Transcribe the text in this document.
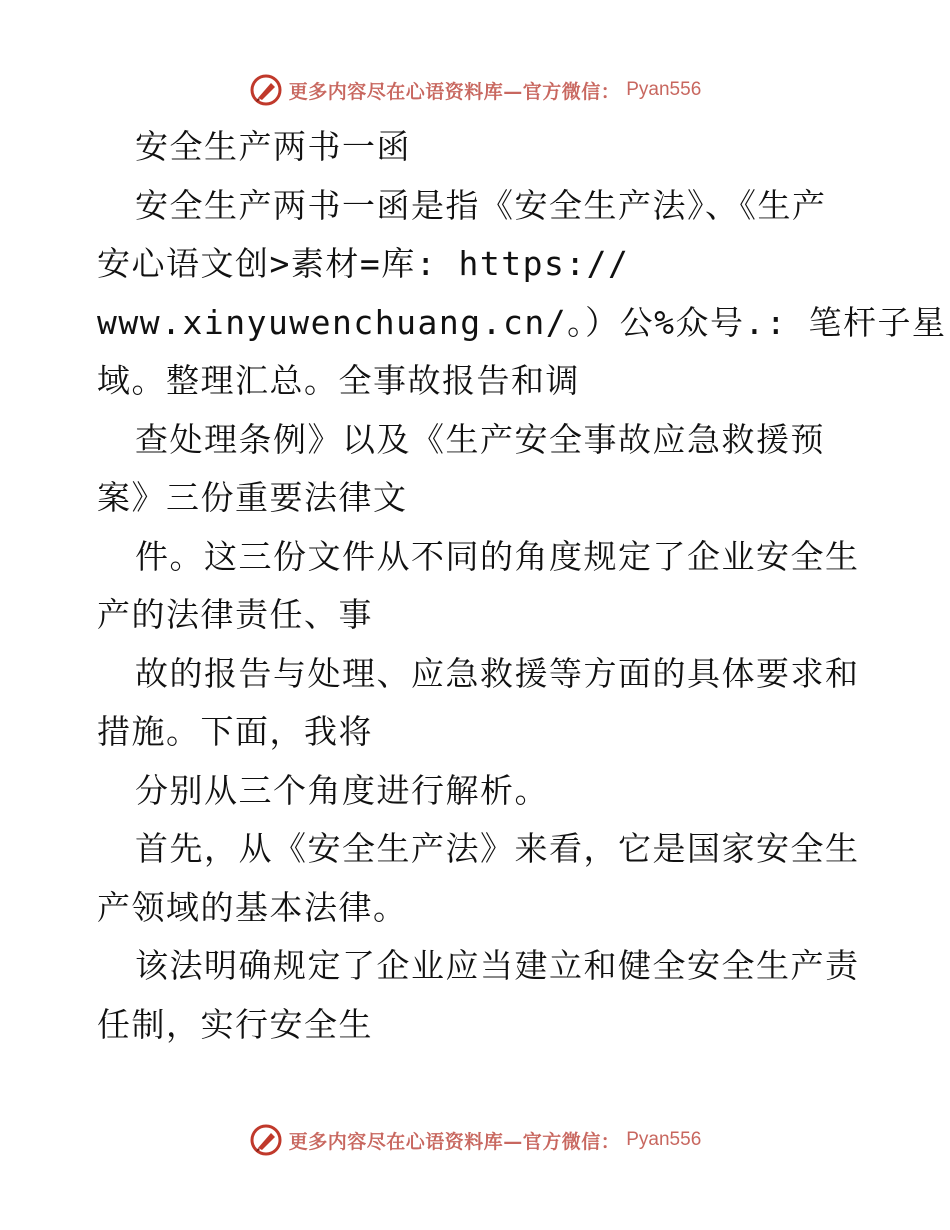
更多内容尽在心语资料库—官方微信： Pyan556
安全生产两书一函
安全生产两书一函是指《安全生产法》、《生产
安心语文创>素材=库: https://
www.xinyuwenchuang.cn/。）公%众号.: 笔杆子星
域。整理汇总。全事故报告和调
查处理条例》以及《生产安全事故应急救援预
案》三份重要法律文
件。这三份文件从不同的角度规定了企业安全生
产的法律责任、事
故的报告与处理、应急救援等方面的具体要求和
措施。下面，我将
分别从三个角度进行解析。
首先，从《安全生产法》来看，它是国家安全生
产领域的基本法律。
该法明确规定了企业应当建立和健全安全生产责
任制，实行安全生
更多内容尽在心语资料库—官方微信： Pyan556
